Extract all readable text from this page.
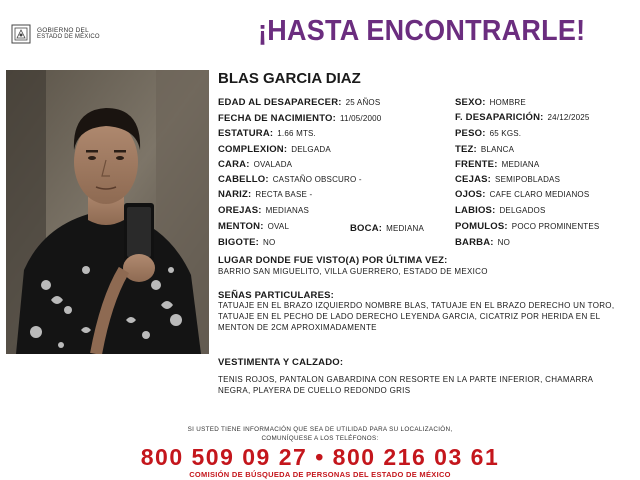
GOBIERNO DEL
ESTADO DE MÉXICO	¡HASTA ENCONTRARLE!
BLAS GARCIA DIAZ
EDAD AL DESAPARECER: 25 AÑOS
FECHA DE NACIMIENTO: 11/05/2000
ESTATURA: 1.66 MTS.
COMPLEXION: DELGADA
CARA: OVALADA
CABELLO: CASTAÑO OBSCURO -
NARIZ: RECTA BASE -
OREJAS: MEDIANAS
MENTON: OVAL
BIGOTE: NO
BOCA: MEDIANA
SEXO: HOMBRE
F. DESAPARICIÓN: 24/12/2025
PESO: 65 KGS.
TEZ: BLANCA
FRENTE: MEDIANA
CEJAS: SEMIPOBLADAS
OJOS: CAFE CLARO MEDIANOS
LABIOS: DELGADOS
POMULOS: POCO PROMINENTES
BARBA: NO
LUGAR DONDE FUE VISTO(A) POR ÚLTIMA VEZ:
BARRIO SAN MIGUELITO, VILLA GUERRERO, ESTADO DE MEXICO
SEÑAS PARTICULARES:
TATUAJE EN EL BRAZO IZQUIERDO NOMBRE BLAS, TATUAJE EN EL BRAZO DERECHO UN TORO, TATUAJE EN EL PECHO DE LADO DERECHO LEYENDA GARCIA, CICATRIZ POR HERIDA EN EL MENTON DE 2CM APROXIMADAMENTE
VESTIMENTA Y CALZADO:
TENIS ROJOS, PANTALON GABARDINA CON RESORTE EN LA PARTE INFERIOR, CHAMARRA NEGRA, PLAYERA DE CUELLO REDONDO GRIS
SI USTED TIENE INFORMACIÓN QUE SEA DE UTILIDAD PARA SU LOCALIZACIÓN,
COMUNÍQUESE A LOS TELÉFONOS:
800 509 09 27 • 800 216 03 61
COMISIÓN DE BÚSQUEDA DE PERSONAS DEL ESTADO DE MÉXICO
